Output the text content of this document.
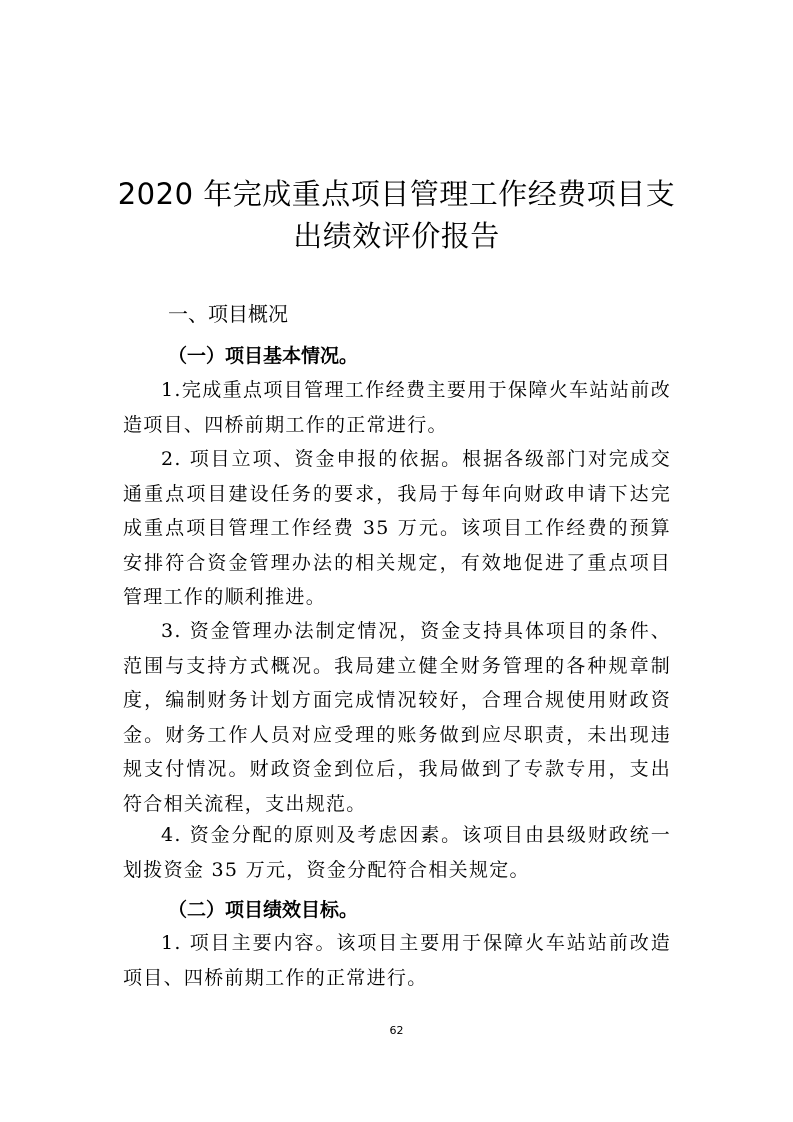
2020 年完成重点项目管理工作经费项目支
出绩效评价报告
一、项目概况
（一）项目基本情况。

1.完成重点项目管理工作经费主要用于保障火车站站前改造项目、四桥前期工作的正常进行。

2. 项目立项、资金申报的依据。根据各级部门对完成交通重点项目建设任务的要求，我局于每年向财政申请下达完成重点项目管理工作经费 35 万元。该项目工作经费的预算安排符合资金管理办法的相关规定，有效地促进了重点项目管理工作的顺利推进。

3. 资金管理办法制定情况，资金支持具体项目的条件、范围与支持方式概况。我局建立健全财务管理的各种规章制度，编制财务计划方面完成情况较好，合理合规使用财政资金。财务工作人员对应受理的账务做到应尽职责，未出现违规支付情况。财政资金到位后，我局做到了专款专用，支出符合相关流程，支出规范。

4. 资金分配的原则及考虑因素。该项目由县级财政统一划拨资金 35 万元，资金分配符合相关规定。

（二）项目绩效目标。

1. 项目主要内容。该项目主要用于保障火车站站前改造项目、四桥前期工作的正常进行。

62
